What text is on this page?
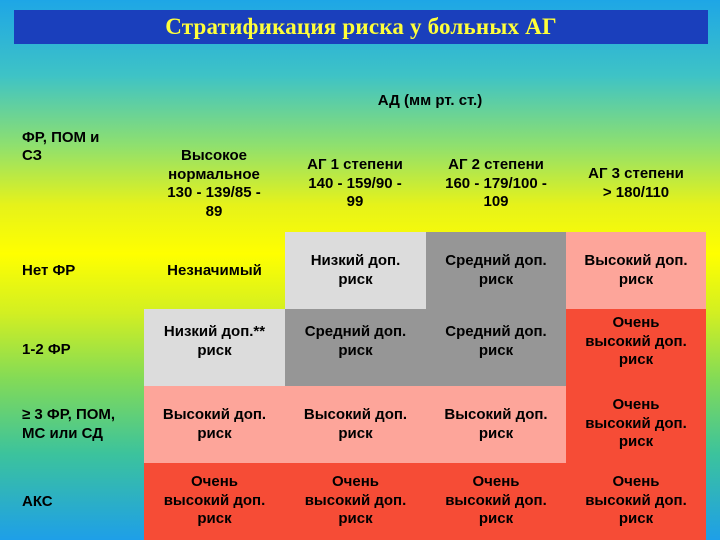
Стратификация риска у больных АГ
АД (мм рт. ст.)
ФР, ПОМ и
СЗ	Высокое
нормальное
130 - 139/85 -
89
АГ 1 степени
140 - 159/90 -
99
АГ 2 степени
160 - 179/100 -
109
АГ 3 степени
> 180/110
Нет ФР	Незначимый
Низкий доп.
риск
Средний доп.
риск
Высокий доп.
риск
1-2 ФР
Низкий доп.**
риск
Средний доп.
риск
Средний доп.
риск
Очень
высокий доп.
риск
≥ 3 ФР, ПОМ,
МС или СД
Высокий доп.
риск
Высокий доп.
риск
Высокий доп.
риск
Очень
высокий доп.
риск
АКС
Очень
высокий доп.
риск
Очень
высокий доп.
риск
Очень
высокий доп.
риск
Очень
высокий доп.
риск
